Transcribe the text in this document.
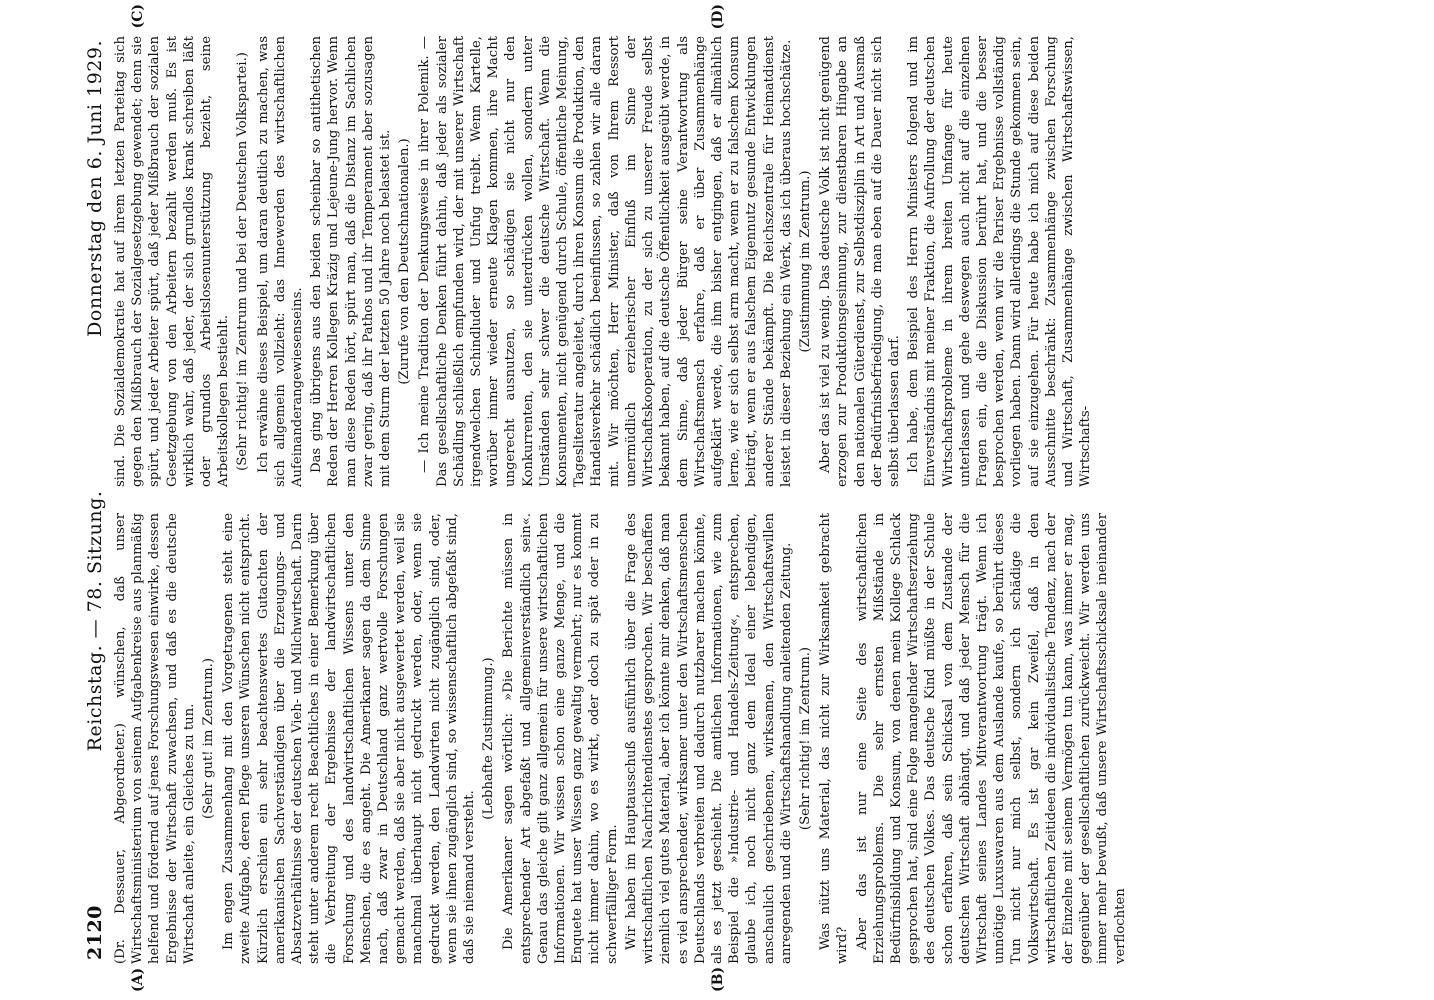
2120
Reichstag. — 78. Sitzung.
Donnerstag den 6. Juni 1929.
(A)	(B)
(C)	(D)

(Dr. Dessauer, Abgeordneter.) wünschen, daß unser Wirtschaftsministerium von seinem Aufgabenkreise aus planmäßig helfend und fördernd auf jenes Forschungswesen einwirke, dessen Ergebnisse der Wirtschaft zuwachsen, und daß es die deutsche Wirtschaft anleite, ein Gleiches zu tun. (Sehr gut! im Zentrum.) Im engen Zusammenhang mit den Vorgetragenen steht eine zweite Aufgabe, deren Pflege unseren Wünschen nicht entspricht. Kürzlich erschien ein sehr beachtenswertes Gutachten der amerikanischen Sachverständigen über die Erzeugungs- und Absatzverhältnisse der deutschen Vieh- und Milchwirtschaft. Darin steht unter anderem recht Beachtliches in einer Bemerkung über die Verbreitung der Ergebnisse der landwirtschaftlichen Forschung und des landwirtschaftlichen Wissens unter den Menschen, die es angeht. Die Amerikaner sagen da dem Sinne nach, daß zwar in Deutschland ganz wertvolle Forschungen gemacht werden, daß sie aber nicht ausgewertet werden, weil sie manchmal überhaupt nicht gedruckt werden, oder, wenn sie gedruckt werden, den Landwirten nicht zugänglich sind, oder, wenn sie ihnen zugänglich sind, so wissenschaftlich abgefaßt sind, daß sie niemand versteht.

(Lebhafte Zustimmung.) Die Amerikaner sagen wörtlich: »Die Berichte müssen in entsprechender Art abgefaßt und allgemeinverständlich sein«. Genau das gleiche gilt ganz allgemein für unsere wirtschaftlichen Informationen. Wir wissen schon eine ganze Menge, und die Enquete hat unser Wissen ganz gewaltig vermehrt; nur es kommt nicht immer dahin, wo es wirkt, oder doch zu spät oder in zu schwerfälliger Form. Wir haben im Hauptausschuß ausführlich über die Frage des wirtschaftlichen Nachrichtendienstes gesprochen. Wir beschaffen ziemlich viel gutes Material, aber ich könnte mir denken, daß man es viel ansprechender, wirksamer unter den Wirtschaftsmenschen Deutschlands verbreiten und dadurch nutzbarer machen könnte, als es jetzt geschieht. Die amtlichen Informationen, wie zum Beispiel die »Industrie- und Handels-Zeitung«, entsprechen, glaube ich, noch nicht ganz dem Ideal einer lebendigen, anschaulich geschriebenen, wirksamen, den Wirtschaftswillen anregenden und die Wirtschaftshandlung anleitenden Zeitung. (Sehr richtig! im Zentrum.) Was nützt uns Material, das nicht zur Wirksamkeit gebracht wird? Aber das ist nur eine Seite des wirtschaftlichen Erziehungsproblems. Die sehr ernsten Mißstände in Bedürfnisbildung und Konsum, von denen mein Kollege Schlack gesprochen hat, sind eine Folge mangelnder Wirtschaftserziehung des deutschen Volkes. Das deutsche Kind müßte in der Schule schon erfahren, daß sein Schicksal von dem Zustande der deutschen Wirtschaft abhängt, und daß jeder Mensch für die Wirtschaft seines Landes Mitverantwortung trägt. Wenn ich unnötige Luxuswaren aus dem Auslande kaufe, so berührt dieses Tun nicht nur mich selbst, sondern ich schädige die Volkswirtschaft. Es ist gar kein Zweifel, daß in den wirtschaftlichen Zeitideen die individualistische Tendenz, nach der der Einzelne mit seinem Vermögen tun kann, was immer er mag, gegenüber der gesellschaftlichen zurückweicht. Wir werden uns immer mehr bewußt, daß unsere Wirtschaftsschicksale ineinander verflochten

sind. Die Sozialdemokratie hat auf ihrem letzten Parteitag sich gegen den Mißbrauch der Sozialgesetzgebung gewendet; denn sie spürt, und jeder Arbeiter spürt, daß jeder Mißbrauch der sozialen Gesetzgebung von den Arbeitern bezahlt werden muß. Es ist wirklich wahr, daß jeder, der sich grundlos krank schreiben läßt oder grundlos Arbeitslosenunterstützung bezieht, seine Arbeitskollegen bestiehlt. (Sehr richtig! im Zentrum und bei der Deutschen Volkspartei.) Ich erwähne dieses Beispiel, um daran deutlich zu machen, was sich allgemein vollzieht: das Innewerden des wirtschaftlichen Aufeinanderangewiesenseins. Das ging übrigens aus den beiden scheinbar so antithetischen Reden der Herren Kollegen Kräzig und Lejeune-Jung hervor. Wenn man diese Reden hört, spürt man, daß die Distanz im Sachlichen zwar gering, daß ihr Pathos und ihr Temperament aber sozusagen mit dem Sturm der letzten 50 Jahre noch belastet ist. (Zurufe von den Deutschnationalen.) — Ich meine Tradition der Denkungsweise in ihrer Polemik. — Das gesellschaftliche Denken führt dahin, daß jeder als sozialer Schädling schließlich empfunden wird, der mit unserer Wirtschaft irgendwelchen Schindluder und Unfug treibt. Wenn Kartelle, worüber immer wieder erneute Klagen kommen, ihre Macht ungerecht ausnutzen, so schädigen sie nicht nur den Konkurrenten, den sie unterdrücken wollen, sondern unter Umständen sehr schwer die deutsche Wirtschaft. Wenn die Konsumenten, nicht genügend durch Schule, öffentliche Meinung, Tagesliteratur angeleitet, durch ihren Konsum die Produktion, den Handelsverkehr schädlich beeinflussen, so zahlen wir alle daran mit. Wir möchten, Herr Minister, daß von Ihrem Ressort unermüdlich erzieherischer Einfluß im Sinne der Wirtschaftskooperation, zu der sich zu unserer Freude selbst bekannt haben, auf die deutsche Öffentlichkeit ausgeübt werde, in dem Sinne, daß jeder Bürger seine Verantwortung als Wirtschaftsmensch erfahre, daß er über Zusammenhänge aufgeklärt werde, die ihm bisher entgingen, daß er allmählich lerne, wie er sich selbst arm macht, wenn er zu falschem Konsum beiträgt, wenn er aus falschem Eigennutz gesunde Entwicklungen anderer Stände bekämpft. Die Reichszentrale für Heimatdienst leistet in dieser Beziehung ein Werk, das ich überaus hochschätze. (Zustimmung im Zentrum.) Aber das ist viel zu wenig. Das deutsche Volk ist nicht genügend erzogen zur Produktionsgesinnung, zur dienstbaren Hingabe an den nationalen Güterdienst, zur Selbstdisziplin in Art und Ausmaß der Bedürfnisbefriedigung, die man eben auf die Dauer nicht sich selbst überlassen darf. Ich habe, dem Beispiel des Herrn Ministers folgend und im Einverständnis mit meiner Fraktion, die Aufrollung der deutschen Wirtschaftsprobleme in ihrem breiten Umfange für heute unterlassen und gehe deswegen auch nicht auf die einzelnen Fragen ein, die die Diskussion berührt hat, und die besser besprochen werden, wenn wir die Pariser Ergebnisse vollständig vorliegen haben. Dann wird allerdings die Stunde gekommen sein, auf sie einzugehen. Für heute habe ich mich auf diese beiden Ausschnitte beschränkt: Zusammenhänge zwischen Forschung und Wirtschaft, Zusammenhänge zwischen Wirtschaftswissen, Wirtschafts-
